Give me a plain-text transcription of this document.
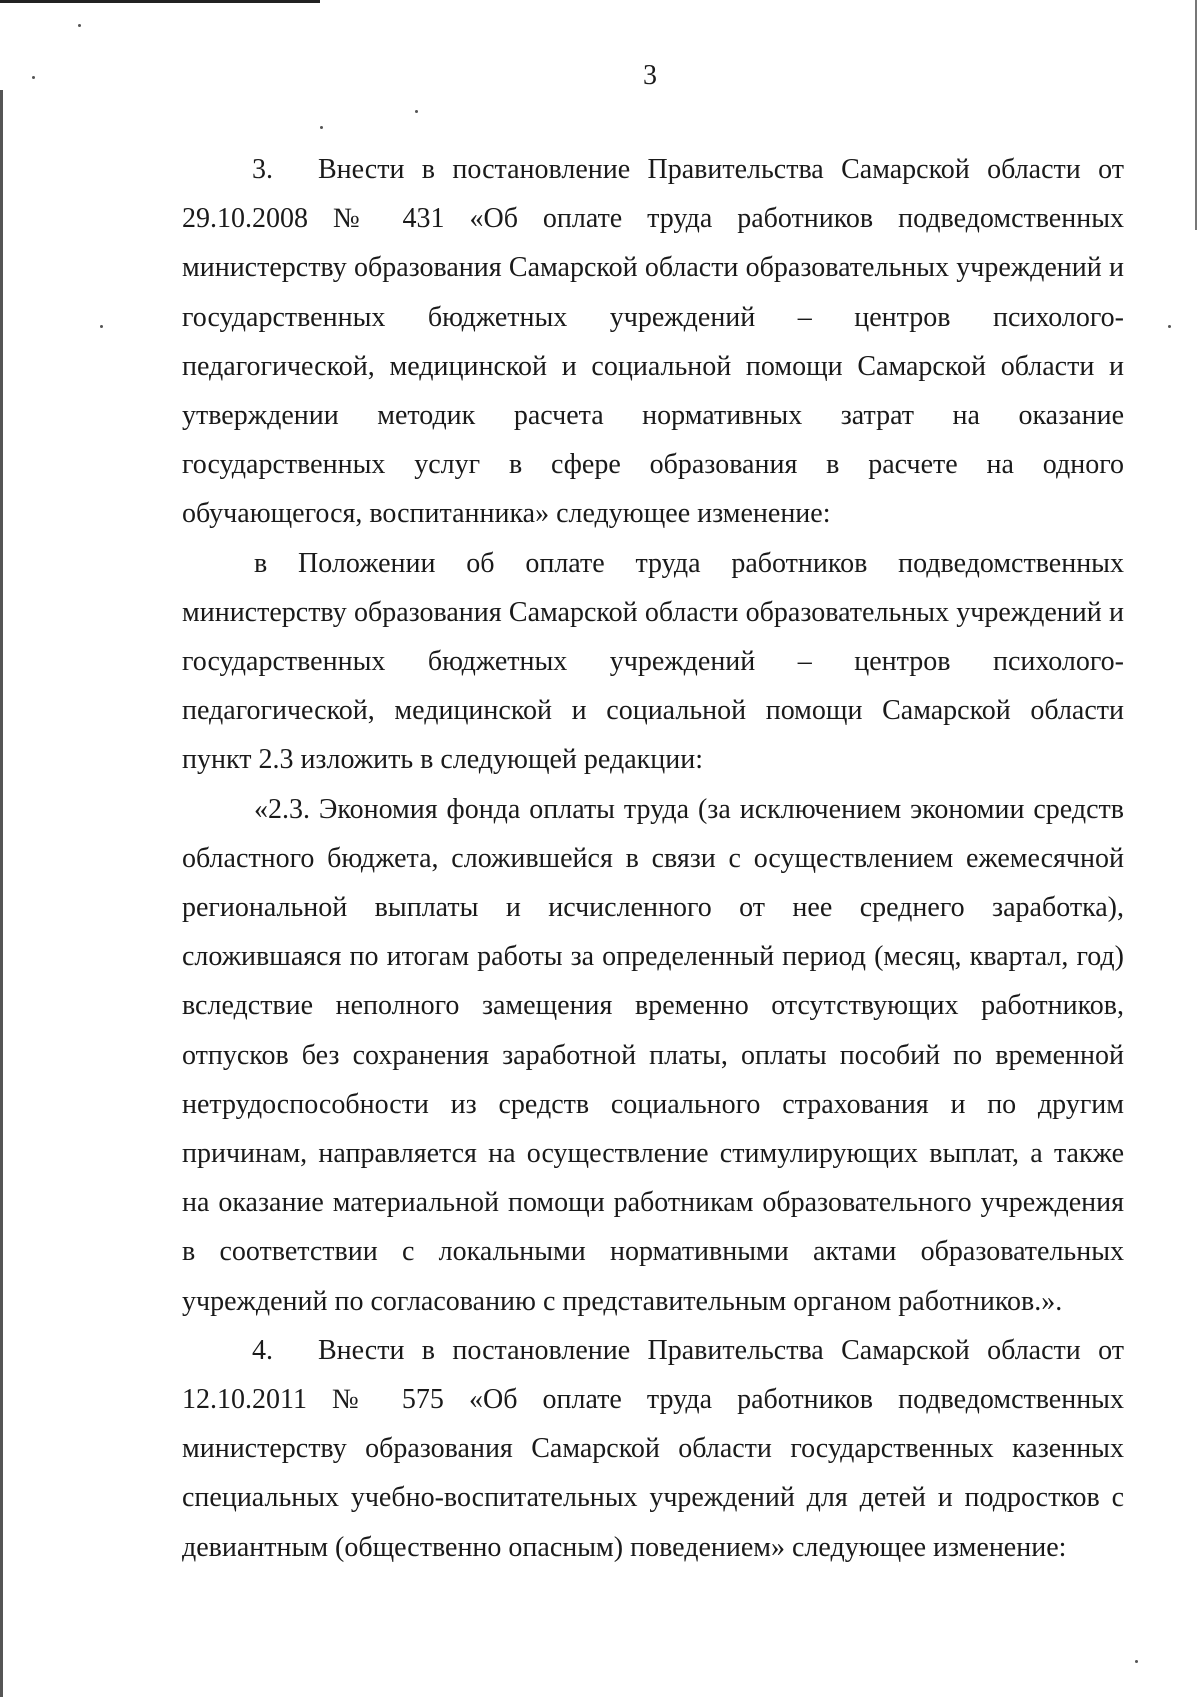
3

3. Внести в постановление Правительства Самарской области от 29.10.2008 № 431 «Об оплате труда работников подведомственных министерству образования Самарской области образовательных учреждений и государственных бюджетных учреждений – центров психолого-педагогической, медицинской и социальной помощи Самарской области и утверждении методик расчета нормативных затрат на оказание государственных услуг в сфере образования в расчете на одного обучающегося, воспитанника» следующее изменение:

в Положении об оплате труда работников подведомственных министерству образования Самарской области образовательных учреждений и государственных бюджетных учреждений – центров психолого-педагогической, медицинской и социальной помощи Самарской области пункт 2.3 изложить в следующей редакции:

«2.3. Экономия фонда оплаты труда (за исключением экономии средств областного бюджета, сложившейся в связи с осуществлением ежемесячной региональной выплаты и исчисленного от нее среднего заработка), сложившаяся по итогам работы за определенный период (месяц, квартал, год) вследствие неполного замещения временно отсутствующих работников, отпусков без сохранения заработной платы, оплаты пособий по временной нетрудоспособности из средств социального страхования и по другим причинам, направляется на осуществление стимулирующих выплат, а также на оказание материальной помощи работникам образовательного учреждения в соответствии с локальными нормативными актами образовательных учреждений по согласованию с представительным органом работников.».

4. Внести в постановление Правительства Самарской области от 12.10.2011 № 575 «Об оплате труда работников подведомственных министерству образования Самарской области государственных казенных специальных учебно-воспитательных учреждений для детей и подростков с девиантным (общественно опасным) поведением» следующее изменение:
